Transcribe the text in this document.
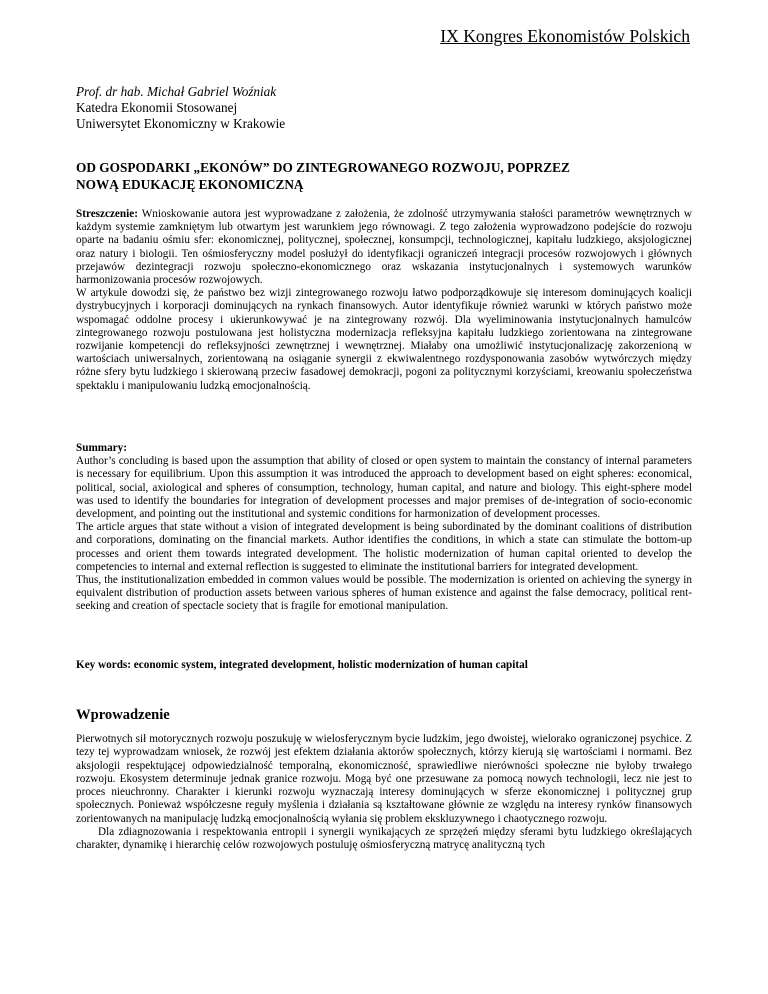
IX Kongres Ekonomistów Polskich
Prof. dr hab. Michał Gabriel Woźniak
Katedra Ekonomii Stosowanej
Uniwersytet Ekonomiczny w Krakowie
OD GOSPODARKI „EKONÓW” DO ZINTEGROWANEGO ROZWOJU, POPRZEZ
NOWĄ EDUKACJĘ EKONOMICZNĄ

Streszczenie: Wnioskowanie autora jest wyprowadzane z założenia, że zdolność utrzymywania stałości parametrów wewnętrznych w każdym systemie zamkniętym lub otwartym jest warunkiem jego równowagi. Z tego założenia wyprowadzono podejście do rozwoju oparte na badaniu ośmiu sfer: ekonomicznej, politycznej, społecznej, konsumpcji, technologicznej, kapitału ludzkiego, aksjologicznej oraz natury i biologii. Ten ośmiosferyczny model posłużył do identyfikacji ograniczeń integracji procesów rozwojowych i głównych przejawów dezintegracji rozwoju społeczno-ekonomicznego oraz wskazania instytucjonalnych i systemowych warunków harmonizowania procesów rozwojowych.

W artykule dowodzi się, że państwo bez wizji zintegrowanego rozwoju łatwo podporządkowuje się interesom dominujących koalicji dystrybucyjnych i korporacji dominujących na rynkach finansowych. Autor identyfikuje również warunki w których państwo może wspomagać oddolne procesy i ukierunkowywać je na zintegrowany rozwój. Dla wyeliminowania instytucjonalnych hamulców zintegrowanego rozwoju postulowana jest holistyczna modernizacja refleksyjna kapitału ludzkiego zorientowana na zintegrowane rozwijanie kompetencji do refleksyjności zewnętrznej i wewnętrznej. Miałaby ona umożliwić instytucjonalizację zakorzenioną w wartościach uniwersalnych, zorientowaną na osiąganie synergii z ekwiwalentnego rozdysponowania zasobów wytwórczych między różne sfery bytu ludzkiego i skierowaną przeciw fasadowej demokracji, pogoni za politycznymi korzyściami, kreowaniu społeczeństwa spektaklu i manipulowaniu ludzką emocjonalnością.

Summary:

Author’s concluding is based upon the assumption that ability of closed or open system to maintain the constancy of internal parameters is necessary for equilibrium. Upon this assumption it was introduced the approach to development based on eight spheres: economical, political, social, axiological and spheres of consumption, technology, human capital, and nature and biology. This eight-sphere model was used to identify the boundaries for integration of development processes and major premises of de-integration of socio-economic development, and pointing out the institutional and systemic conditions for harmonization of development processes.

The article argues that state without a vision of integrated development is being subordinated by the dominant coalitions of distribution and corporations, dominating on the financial markets. Author identifies the conditions, in which a state can stimulate the bottom-up processes and orient them towards integrated development. The holistic modernization of human capital oriented to develop the competencies to internal and external reflection is suggested to eliminate the institutional barriers for integrated development.

Thus, the institutionalization embedded in common values would be possible. The modernization is oriented on achieving the synergy in equivalent distribution of production assets between various spheres of human existence and against the false democracy, political rent-seeking and creation of spectacle society that is fragile for emotional manipulation.

Key words: economic system, integrated development, holistic modernization of human capital
Wprowadzenie

Pierwotnych sił motorycznych rozwoju poszukuję w wielosferycznym bycie ludzkim, jego dwoistej, wielorako ograniczonej psychice. Z tezy tej wyprowadzam wniosek, że rozwój jest efektem działania aktorów społecznych, którzy kierują się wartościami i normami. Bez aksjologii respektującej odpowiedzialność temporalną, ekonomiczność, sprawiedliwe nierówności społeczne nie byłoby trwałego rozwoju. Ekosystem determinuje jednak granice rozwoju. Mogą być one przesuwane za pomocą nowych technologii, lecz nie jest to proces nieuchronny. Charakter i kierunki rozwoju wyznaczają interesy dominujących w sferze ekonomicznej i politycznej grup społecznych. Ponieważ współczesne reguły myślenia i działania są kształtowane głównie ze względu na interesy rynków finansowych zorientowanych na manipulację ludzką emocjonalnością wyłania się problem ekskluzywnego i chaotycznego rozwoju.

Dla zdiagnozowania i respektowania entropii i synergii wynikających ze sprzężeń między sferami bytu ludzkiego określających charakter, dynamikę i hierarchię celów rozwojowych postuluję ośmiosferyczną matrycę analityczną tych
